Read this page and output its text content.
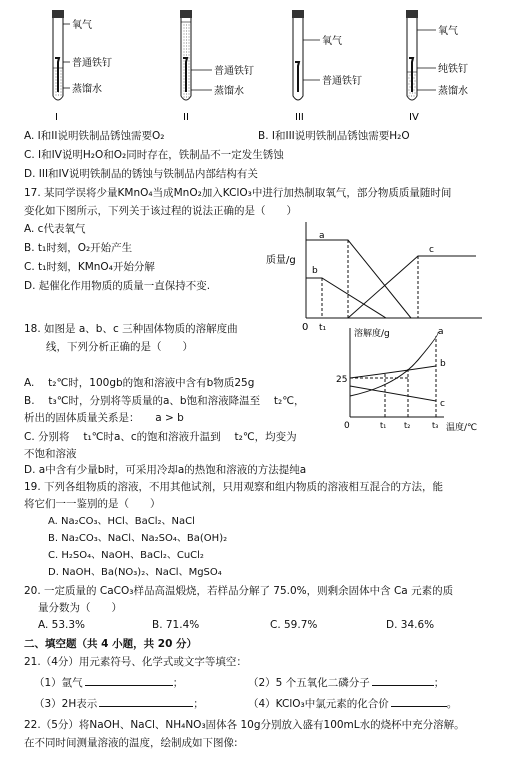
氧气
普通铁钉
蒸馏水
I
普通铁钉
蒸馏水
II
氧气
普通铁钉
III
氧气
纯铁钉
蒸馏水
IV
A. I和II说明铁制品锈蚀需要O₂	B. I和III说明铁制品锈蚀需要H₂O
C. I和IV说明H₂O和O₂同时存在，铁制品不一定发生锈蚀
D. III和IV说明铁制品的锈蚀与铁制品内部结构有关
17. 某同学误将少量KMnO₄当成MnO₂加入KClO₃中进行加热制取氧气，部分物质质量随时间
变化如下图所示，下列关于该过程的说法正确的是（　　）
A. c代表氧气
B. t₁时刻，O₂开始产生
C. t₁时刻，KMnO₄开始分解
D. 起催化作用物质的质量一直保持不变.
质量/g
0 t₁
a
b
c
18. 如图是 a、b、c 三种固体物质的溶解度曲
线，下列分析正确的是（　　）
A.　 t₂℃时，100gb的饱和溶液中含有b物质25g
B.　 t₃℃时，分别将等质量的a、b饱和溶液降温至　 t₂℃，
析出的固体质量关系是：　　a > b
C. 分别将　 t₁℃时a、c的饱和溶液升温到　 t₂℃，均变为
不饱和溶液
D. a中含有少量b时，可采用冷却a的热饱和溶液的方法提纯a
溶解度/g
25
0	t₁ t₂	t₃ 温度/℃
a
b
c
19. 下列各组物质的溶液，不用其他试剂，只用观察和组内物质的溶液相互混合的方法，能
将它们一一鉴别的是（　　）
A. Na₂CO₃、HCl、BaCl₂、NaCl
B. Na₂CO₃、NaCl、Na₂SO₄、Ba(OH)₂
C. H₂SO₄、NaOH、BaCl₂、CuCl₂
D. NaOH、Ba(NO₃)₂、NaCl、MgSO₄
20. 一定质量的 CaCO₃样品高温煅烧，若样品分解了 75.0%，则剩余固体中含 Ca 元素的质
量分数为（　　）
A. 53.3%	B. 71.4%	C. 59.7%	D. 34.6%
二、填空题（共 4 小题，共 20 分）
21.（4分）用元素符号、化学式或文字等填空：
（1）氩气	；	（2）5 个五氧化二磷分子	；
（3）2H表示	；	（4）KClO₃中氯元素的化合价	。
22.（5分）将NaOH、NaCl、NH₄NO₃固体各 10g分别放入盛有100mL水的烧杯中充分溶解。
在不同时间测量溶液的温度，绘制成如下图像:
